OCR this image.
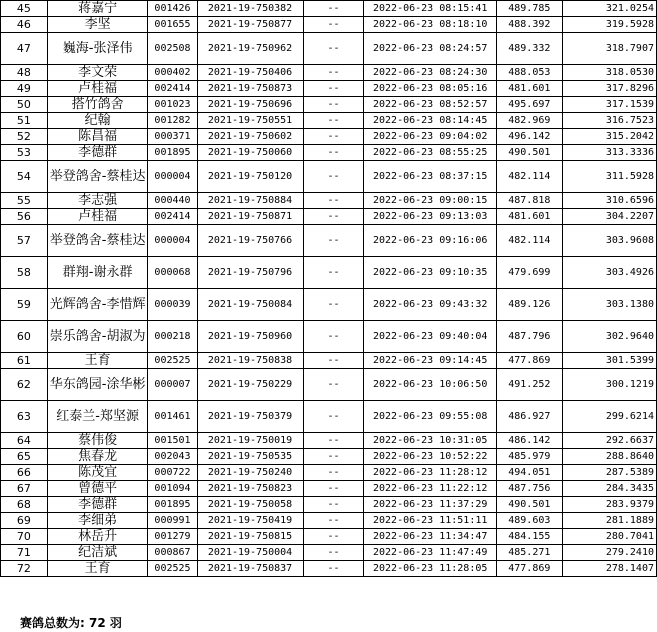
45	蒋嘉宁	001426	2021-19-750382	--	2022-06-23 08:15:41	489.785	321.0254
46	李坚	001655	2021-19-750877	--	2022-06-23 08:18:10	488.392	319.5928
47	巍海-张泽伟	002508	2021-19-750962	--	2022-06-23 08:24:57	489.332	318.7907
48	李文荣	000402	2021-19-750406	--	2022-06-23 08:24:30	488.053	318.0530
49	卢桂福	002414	2021-19-750873	--	2022-06-23 08:05:16	481.601	317.8296
50	搭竹鸽舍	001023	2021-19-750696	--	2022-06-23 08:52:57	495.697	317.1539
51	纪翰	001282	2021-19-750551	--	2022-06-23 08:14:45	482.969	316.7523
52	陈昌福	000371	2021-19-750602	--	2022-06-23 09:04:02	496.142	315.2042
53	李德群	001895	2021-19-750060	--	2022-06-23 08:55:25	490.501	313.3336
54	举登鸽舍-蔡桂达	000004	2021-19-750120	--	2022-06-23 08:37:15	482.114	311.5928
55	李志强	000440	2021-19-750884	--	2022-06-23 09:00:15	487.818	310.6596
56	卢桂福	002414	2021-19-750871	--	2022-06-23 09:13:03	481.601	304.2207
57	举登鸽舍-蔡桂达	000004	2021-19-750766	--	2022-06-23 09:16:06	482.114	303.9608
58	群翔-谢永群	000068	2021-19-750796	--	2022-06-23 09:10:35	479.699	303.4926
59	光辉鸽舍-李惜辉	000039	2021-19-750084	--	2022-06-23 09:43:32	489.126	303.1380
60	崇乐鸽舍-胡淑为	000218	2021-19-750960	--	2022-06-23 09:40:04	487.796	302.9640
61	王育	002525	2021-19-750838	--	2022-06-23 09:14:45	477.869	301.5399
62	华东鸽园-涂华彬	000007	2021-19-750229	--	2022-06-23 10:06:50	491.252	300.1219
63	红泰兰-郑坚源	001461	2021-19-750379	--	2022-06-23 09:55:08	486.927	299.6214
64	蔡伟俊	001501	2021-19-750019	--	2022-06-23 10:31:05	486.142	292.6637
65	焦春龙	002043	2021-19-750535	--	2022-06-23 10:52:22	485.979	288.8640
66	陈茂宜	000722	2021-19-750240	--	2022-06-23 11:28:12	494.051	287.5389
67	曾德平	001094	2021-19-750823	--	2022-06-23 11:22:12	487.756	284.3435
68	李德群	001895	2021-19-750058	--	2022-06-23 11:37:29	490.501	283.9379
69	李细弟	000991	2021-19-750419	--	2022-06-23 11:51:11	489.603	281.1889
70	林岳升	001279	2021-19-750815	--	2022-06-23 11:34:47	484.155	280.7041
71	纪洁斌	000867	2021-19-750004	--	2022-06-23 11:47:49	485.271	279.2410
72	王育	002525	2021-19-750837	--	2022-06-23 11:28:05	477.869	278.1407
赛鸽总数为: 72 羽
